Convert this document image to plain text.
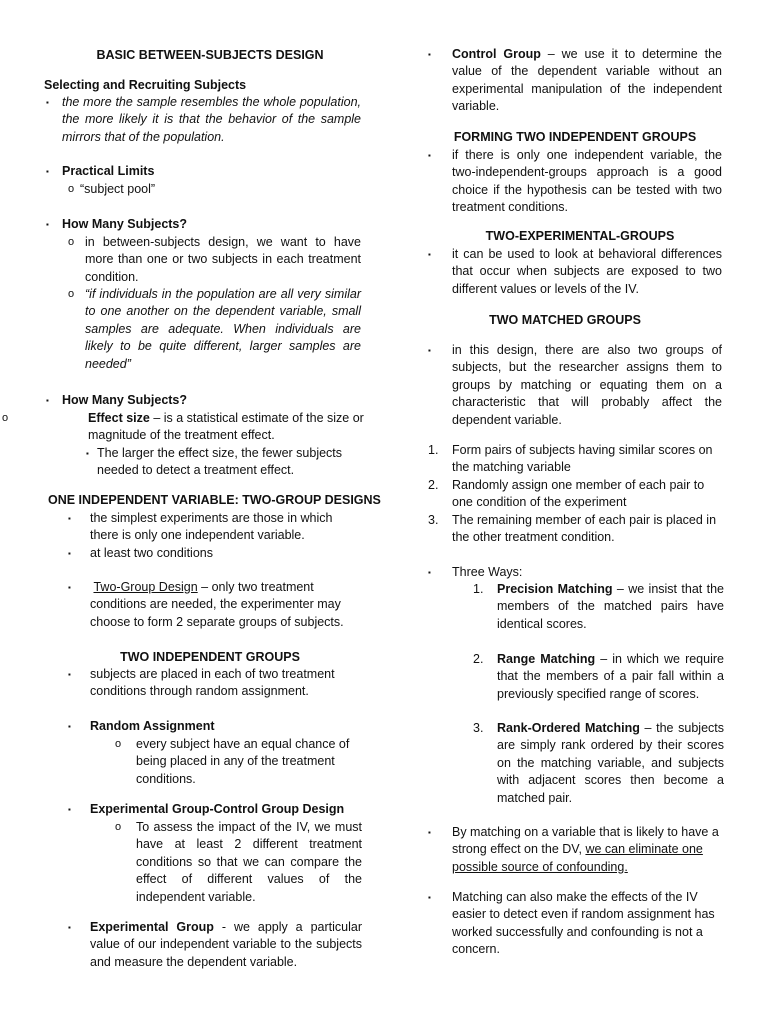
BASIC BETWEEN-SUBJECTS DESIGN
Selecting and Recruiting Subjects
▪ the more the sample resembles the whole population, the more likely it is that the behavior of the sample mirrors that of the population.

▪ Practical Limits
o “subject pool”
▪ How Many Subjects?
o in between-subjects design, we want to have more than one or two subjects in each treatment condition.

o “if individuals in the population are all very similar to one another on the dependent variable, small samples are adequate. When individuals are likely to be quite different, larger samples are needed”

▪ How Many Subjects?
o	Effect size – is a statistical estimate of the size or magnitude of the treatment effect.

▪ The larger the effect size, the fewer subjects needed to detect a treatment effect.

ONE INDEPENDENT VARIABLE: TWO-GROUP DESIGNS
▪ the simplest experiments are those in which there is only one independent variable.

▪ at least two conditions
▪ Two-Group Design – only two treatment conditions are needed, the experimenter may choose to form 2 separate groups of subjects.

TWO INDEPENDENT GROUPS
▪ subjects are placed in each of two treatment conditions through random assignment.

▪ Random Assignment
o every subject have an equal chance of being placed in any of the treatment conditions.

▪ Experimental Group-Control Group Design
o To assess the impact of the IV, we must have at least 2 different treatment conditions so that we can compare the effect of different values of the independent variable.

▪ Experimental Group - we apply a particular value of our independent variable to the subjects and measure the dependent variable.

▪ Control Group – we use it to determine the value of the dependent variable without an experimental manipulation of the independent variable.

FORMING TWO INDEPENDENT GROUPS
▪ if there is only one independent variable, the two-independent-groups approach is a good choice if the hypothesis can be tested with two treatment conditions.

TWO-EXPERIMENTAL-GROUPS
▪ it can be used to look at behavioral differences that occur when subjects are exposed to two different values or levels of the IV.

TWO MATCHED GROUPS
▪ in this design, there are also two groups of subjects, but the researcher assigns them to groups by matching or equating them on a characteristic that will probably affect the dependent variable.

1. Form pairs of subjects having similar scores on the matching variable

2. Randomly assign one member of each pair to one condition of the experiment

3. The remaining member of each pair is placed in the other treatment condition.

▪ Three Ways:
1. Precision Matching – we insist that the members of the matched pairs have identical scores.

2. Range Matching – in which we require that the members of a pair fall within a previously specified range of scores.

3. Rank-Ordered Matching – the subjects are simply rank ordered by their scores on the matching variable, and subjects with adjacent scores then become a matched pair.

▪ By matching on a variable that is likely to have a strong effect on the DV, we can eliminate one possible source of confounding.

▪ Matching can also make the effects of the IV easier to detect even if random assignment has worked successfully and confounding is not a concern.
